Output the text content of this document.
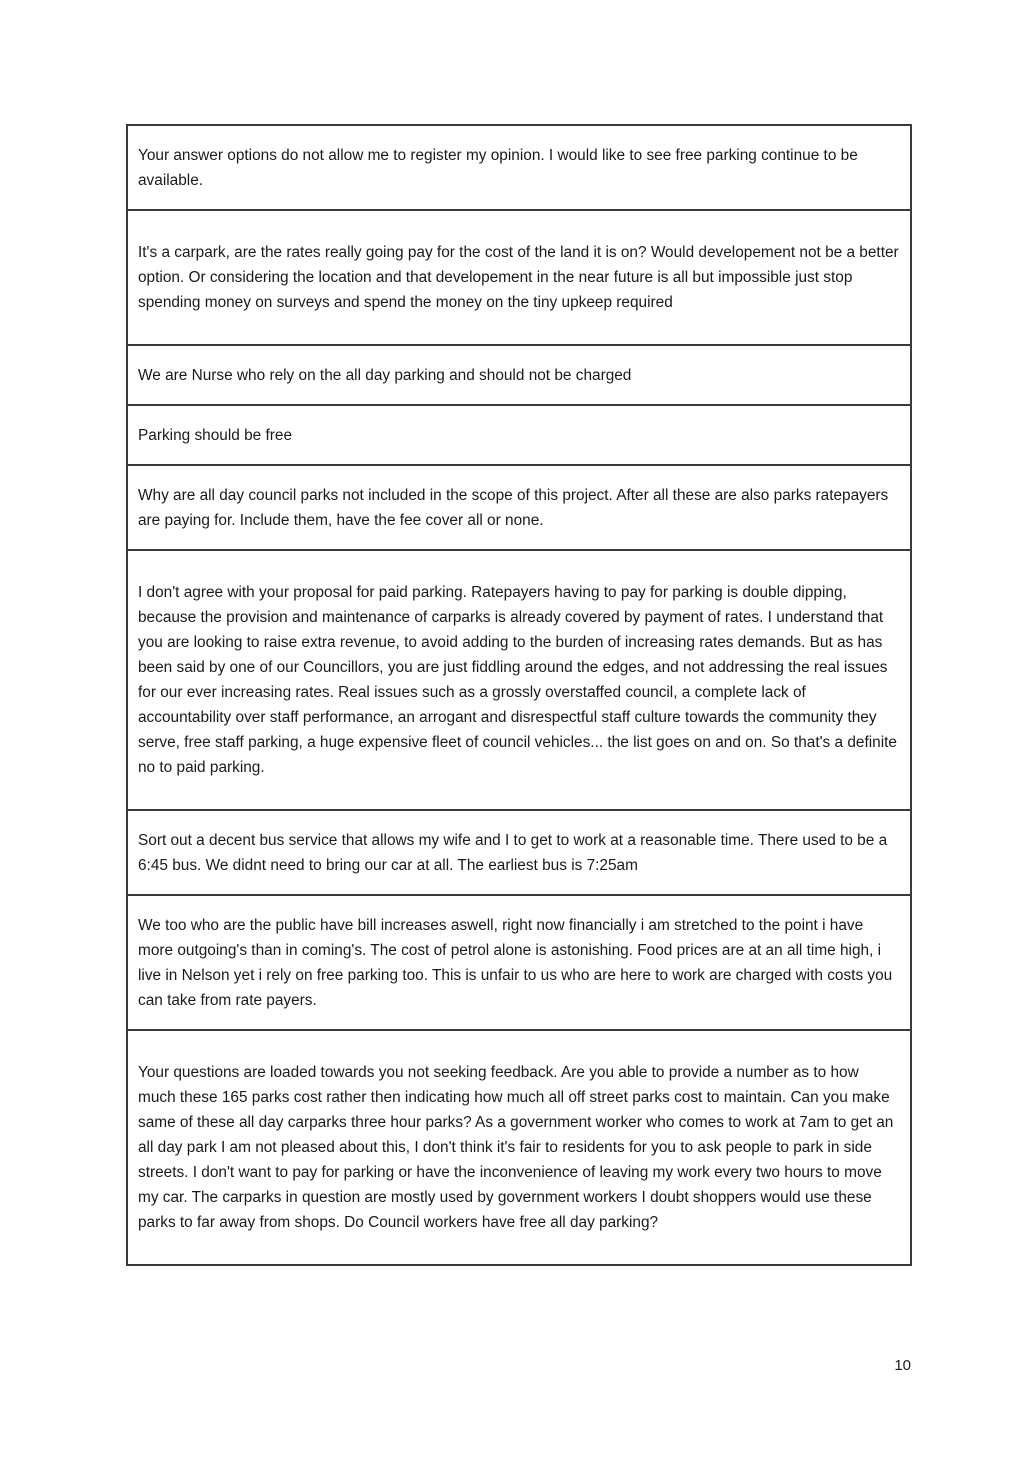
Your answer options do not allow me to register my opinion. I would like to see free parking continue to be available.
It's a carpark, are the rates really going pay for the cost of the land it is on? Would developement not be a better option. Or considering the location and that developement in the near future is all but impossible just stop spending money on surveys and spend the money on the tiny upkeep required
We are Nurse who rely on the all day parking and should not be charged
Parking should be free
Why are all day council parks not included in the scope of this project. After all these are also parks ratepayers are paying for. Include them, have the fee cover all or none.
I don't agree with your proposal for paid parking. Ratepayers having to pay for parking is double dipping, because the provision and maintenance of carparks is already covered by payment of rates. I understand that you are looking to raise extra revenue, to avoid adding to the burden of increasing rates demands. But as has been said by one of our Councillors, you are just fiddling around the edges, and not addressing the real issues for our ever increasing rates. Real issues such as a grossly overstaffed council, a complete lack of accountability over staff performance, an arrogant and disrespectful staff culture towards the community they serve, free staff parking, a huge expensive fleet of council vehicles... the list goes on and on. So that's a definite no to paid parking.
Sort out a decent bus service that allows my wife and I to get to work at a reasonable time. There used to be a 6:45 bus. We didnt need to bring our car at all. The earliest bus is 7:25am
We too who are the public have bill increases aswell, right now financially i am stretched to the point i have more outgoing's than in coming's. The cost of petrol alone is astonishing. Food prices are at an all time high, i live in Nelson yet i rely on free parking too. This is unfair to us who are here to work are charged with costs you can take from rate payers.
Your questions are loaded towards you not seeking feedback. Are you able to provide a number as to how much these 165 parks cost rather then indicating how much all off street parks cost to maintain. Can you make same of these all day carparks three hour parks? As a government worker who comes to work at 7am to get an all day park I am not pleased about this, I don't think it's fair to residents for you to ask people to park in side streets. I don't want to pay for parking or have the inconvenience of leaving my work every two hours to move my car. The carparks in question are mostly used by government workers I doubt shoppers would use these parks to far away from shops. Do Council workers have free all day parking?
10
